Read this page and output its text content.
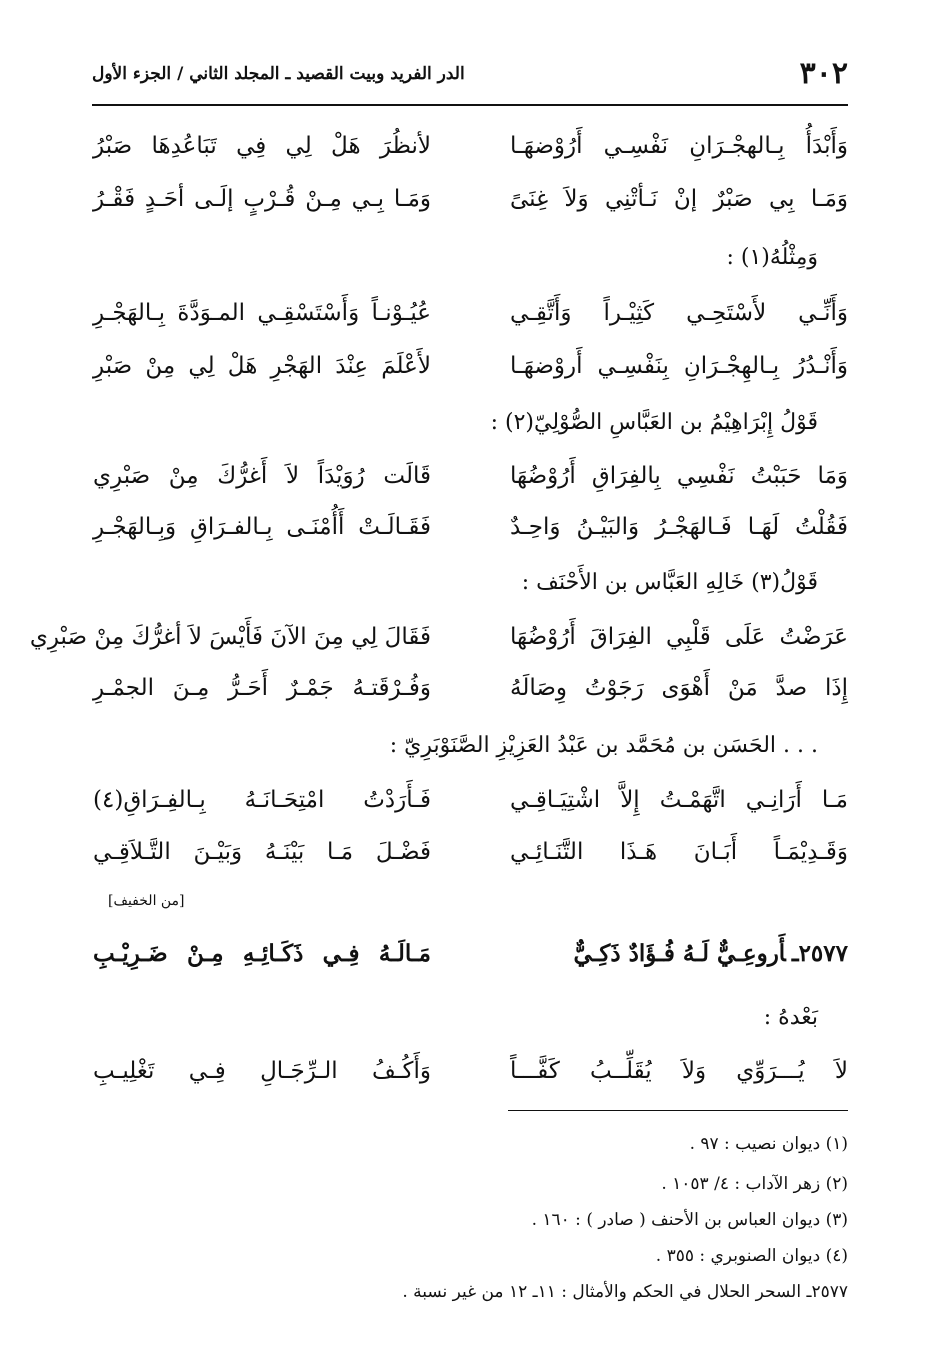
٣٠٢
الدر الفريد وبيت القصيد ـ المجلد الثاني / الجزء الأول
وَأَبْدَأُ بِـالهجْـرَانِ نَفْسِـي أَرُوْضهَـا
لأنظُرَ هَلْ لِي فِي تَبَاعُدِهَا صَبْرُ
وَمَـا بِي صَبْرٌ إنْ نَـأتْنِي وَلاَ غِنَىً
وَمَـا بِـي مِـنْ قُـرْبٍ إلَـى أحَـدٍ فَقْـرُ
وَمِثْلُهُ(١) :
وَأَنِّـي لأَسْتَحِـي كَثِيْـراً وَأَتَّقِـي
عُيُـوْنـاً وَأَسْتَسْقِـي المـوَدَّةَ بِـالهَجْـرِ
وَأَنْـدُرُ بِـالهِجْـرَانِ بِنَفْسِـي أَروْضهَـا
لأَعْلَمَ عِنْدَ الهَجْرِ هَلْ لِي مِنْ صَبْرِ
قَوْلُ إِبْرَاهِيْمُ بن العَبَّاسِ الصُّوْلِيّ(٢) :
وَمَا حَبَبْتُ نَفْسِي بِالفِرَاقِ أَرُوْضُهَا
قَالَت رُوَيْدَاً لاَ أَغرُّكَ مِنْ صَبْرِي
فَقُلْتُ لَهَـا فَـالهَجْـرُ وَالبَيْـنُ وَاحِـدٌ
فَقَـالَـتْ أَأُمْنَـى بِـالفـرَاقِ وَبِـالهَجْـرِ
قَوْلُ(٣) خَالِهِ العَبَّاس بن الأَحْنَف :
عَرَضْتُ عَلَى قَلْبِي الفِرَاقَ أَرُوْضُهَا
فَقَالَ لِي مِنَ الآنَ فَأَيْسَ لاَ أغرُّكَ مِنْ صَبْرِي
إِذَا صدَّ مَنْ أَهْوَى رَجَوْتُ وِصَالَهُ
وَفُـرْقَتـهُ جَمْـرٌ أَحَـرُّ مِـنَ الجمْـرِ
. . . الحَسَن بن مُحَمَّد بن عَبْدُ العَزِيْزِ الصَّنَوْبَرِيّ :
مَـا أَرَانِـي اتَّهَمْـتُ إِلاَّ اشْتِيَـاقِـي
فَـأَرَدْتُ امْتِحَـانَـهُ بِـالفِـرَاقِ(٤)
وَقَـدِيْمَـاً أَبَـانَ هَـذَا التَّنَـائِـي
فَضْـلَ مَـا بَيْنَـهُ وَبَيْـنَ التَّـلاَقِـي
٢٥٧٧ـأَروعِـيٌّ لَـهُ فُـؤَادٌ ذَكِـيٌّ
مَـالَـهُ فِـي ذَكَـائِـهِ مِـنْ ضَـرِيْـبِ
بَعْدهُ :
لاَ يُـــرَوِّي وَلاَ يُقَلِّــبُ كَفَّـــاً
وَأَكُـفُ الـرِّجَـالِ فِـي تَغْلِيـبِ
[من الخفيف]
(١) ديوان نصيب : ٩٧ .
(٢) زهر الآداب : ٤/ ١٠٥٣ .
(٣) ديوان العباس بن الأحنف ( صادر ) : ١٦٠ .
(٤) ديوان الصنوبري : ٣٥٥ .
٢٥٧٧ـ السحر الحلال في الحكم والأمثال : ١١ـ ١٢ من غير نسبة .
